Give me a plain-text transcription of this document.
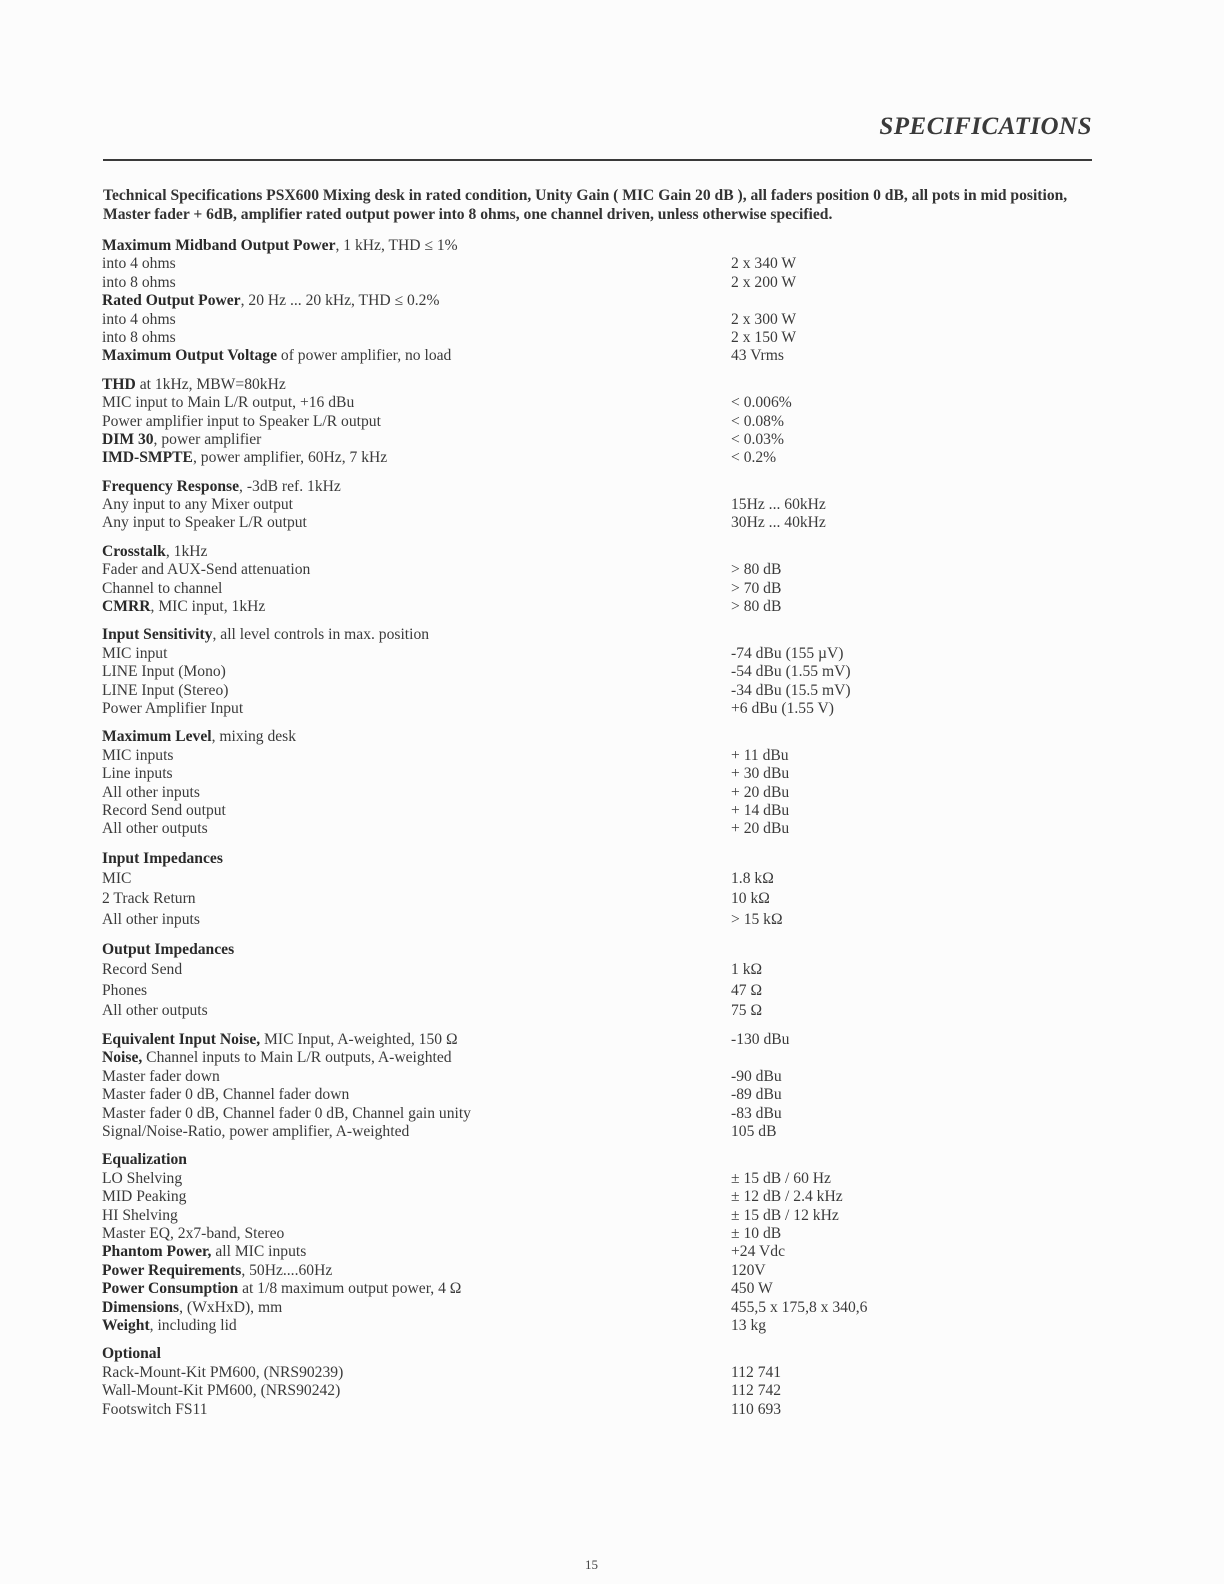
SPECIFICATIONS
Technical Specifications PSX600 Mixing desk in rated condition, Unity Gain ( MIC Gain 20 dB ), all faders position 0 dB, all pots in mid position, Master fader + 6dB, amplifier rated output power into 8 ohms, one channel driven, unless otherwise specified.
Maximum Midband Output Power, 1 kHz, THD ≤ 1%
into 4 ohms	2 x 340 W
into 8 ohms	2 x 200 W
Rated Output Power, 20 Hz ... 20 kHz, THD ≤ 0.2%
into 4 ohms	2 x 300 W
into 8 ohms	2 x 150 W
Maximum Output Voltage of power amplifier, no load	43 Vrms
THD at 1kHz, MBW=80kHz
MIC input to Main L/R output, +16 dBu	< 0.006%
Power amplifier input to Speaker L/R output	< 0.08%
DIM 30, power amplifier	< 0.03%
IMD-SMPTE, power amplifier, 60Hz, 7 kHz	< 0.2%
Frequency Response, -3dB ref. 1kHz
Any input to any Mixer output	15Hz ... 60kHz
Any input to Speaker L/R output	30Hz ... 40kHz
Crosstalk, 1kHz
Fader and AUX-Send attenuation	> 80 dB
Channel to channel	> 70 dB
CMRR, MIC input, 1kHz	> 80 dB
Input Sensitivity, all level controls in max. position
MIC input	-74 dBu (155 µV)
LINE Input (Mono)	-54 dBu (1.55 mV)
LINE Input (Stereo)	-34 dBu (15.5 mV)
Power Amplifier Input	+6 dBu (1.55 V)
Maximum Level, mixing desk
MIC inputs	+ 11 dBu
Line inputs	+ 30 dBu
All other inputs	+ 20 dBu
Record Send output	+ 14 dBu
All other outputs	+ 20 dBu
Input Impedances
MIC	1.8 kΩ
2 Track Return	10 kΩ
All other inputs	> 15 kΩ
Output Impedances
Record Send	1 kΩ
Phones	47 Ω
All other outputs	75 Ω
Equivalent Input Noise, MIC Input, A-weighted, 150 Ω	-130 dBu
Noise, Channel inputs to Main L/R outputs, A-weighted
Master fader down	-90 dBu
Master fader 0 dB, Channel fader down	-89 dBu
Master fader 0 dB, Channel fader 0 dB, Channel gain unity	-83 dBu
Signal/Noise-Ratio, power amplifier, A-weighted	105 dB
Equalization
LO Shelving	± 15 dB / 60 Hz
MID Peaking	± 12 dB / 2.4 kHz
HI Shelving	± 15 dB / 12 kHz
Master EQ, 2x7-band, Stereo	± 10 dB
Phantom Power, all MIC inputs	+24 Vdc
Power Requirements, 50Hz....60Hz	120V
Power Consumption at 1/8 maximum output power, 4 Ω	450 W
Dimensions, (WxHxD), mm	455,5 x 175,8 x 340,6
Weight, including lid	13 kg
Optional
Rack-Mount-Kit PM600, (NRS90239)	112 741
Wall-Mount-Kit PM600, (NRS90242)	112 742
Footswitch FS11	110 693
15
